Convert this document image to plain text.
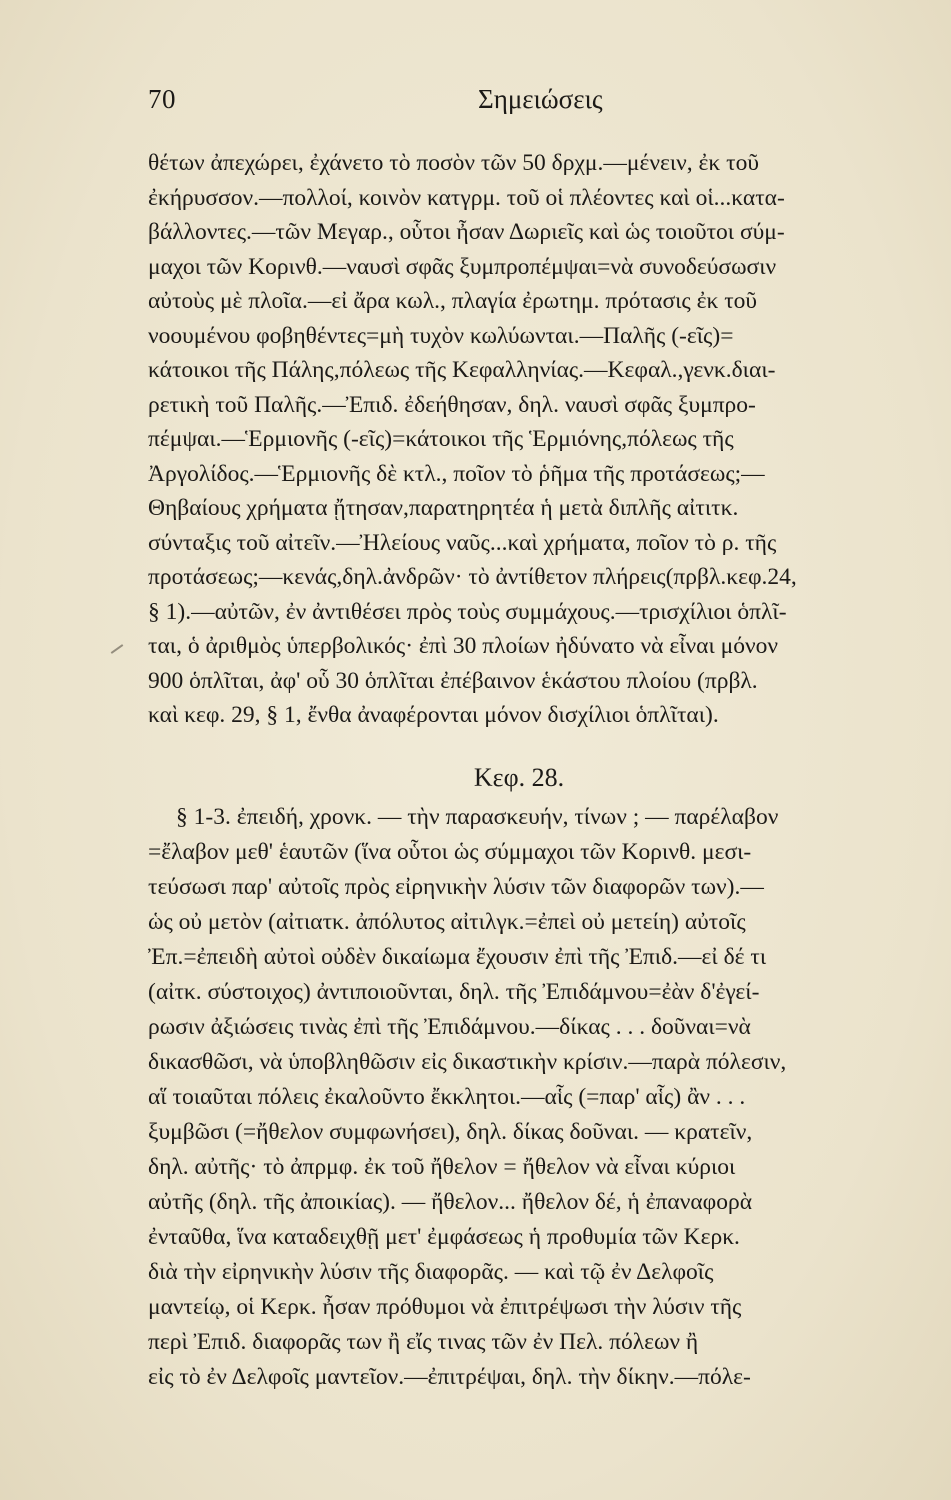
70	Σημειώσεις
θέτων ἀπεχώρει, ἐχάνετο τὸ ποσὸν τῶν 50 δρχμ.—μένειν, ἐκ τοῦ
ἐκήρυσσον.—πολλοί, κοινὸν κατγρμ. τοῦ οἱ πλέοντες καὶ οἱ...κατα-
βάλλοντες.—τῶν Μεγαρ., οὗτοι ἦσαν Δωριεῖς καὶ ὡς τοιοῦτοι σύμ-
μαχοι τῶν Κορινθ.—ναυσὶ σφᾶς ξυμπροπέμψαι=νὰ συνοδεύσωσιν
αὐτοὺς μὲ πλοῖα.—εἰ ἄρα κωλ., πλαγία ἐρωτημ. πρότασις ἐκ τοῦ
νοουμένου φοβηθέντες=μὴ τυχὸν κωλύωνται.—Παλῆς (-εῖς)=
κάτοικοι τῆς Πάλης,πόλεως τῆς Κεφαλληνίας.—Κεφαλ.,γενκ.διαι-
ρετικὴ τοῦ Παλῆς.—Ἐπιδ. ἐδεήθησαν, δηλ. ναυσὶ σφᾶς ξυμπρο-
πέμψαι.—Ἑρμιονῆς (-εῖς)=κάτοικοι τῆς Ἑρμιόνης,πόλεως τῆς
Ἀργολίδος.—Ἑρμιονῆς δὲ κτλ., ποῖον τὸ ῥῆμα τῆς προτάσεως;—
Θηβαίους χρήματα ᾔτησαν,παρατηρητέα ἡ μετὰ διπλῆς αἰτιτκ.
σύνταξις τοῦ αἰτεῖν.—Ἠλείους ναῦς...καὶ χρήματα, ποῖον τὸ ρ. τῆς
προτάσεως;—κενάς,δηλ.ἀνδρῶν· τὸ ἀντίθετον πλήρεις(πρβλ.κεφ.24,
§ 1).—αὐτῶν, ἐν ἀντιθέσει πρὸς τοὺς συμμάχους.—τρισχίλιοι ὁπλῖ-
ται, ὁ ἀριθμὸς ὑπερβολικός· ἐπὶ 30 πλοίων ἠδύνατο νὰ εἶναι μόνον
900 ὁπλῖται, ἀφ' οὗ 30 ὁπλῖται ἐπέβαινον ἑκάστου πλοίου (πρβλ.
καὶ κεφ. 29, § 1, ἔνθα ἀναφέρονται μόνον δισχίλιοι ὁπλῖται).
Κεφ. 28.
§ 1-3. ἐπειδή, χρονκ. — τὴν παρασκευήν, τίνων ; — παρέλαβον
=ἔλαβον μεθ' ἑαυτῶν (ἵνα οὗτοι ὡς σύμμαχοι τῶν Κορινθ. μεσι-
τεύσωσι παρ' αὐτοῖς πρὸς εἰρηνικὴν λύσιν τῶν διαφορῶν των).—
ὡς οὐ μετὸν (αἰτιατκ. ἀπόλυτος αἰτιλγκ.=ἐπεὶ οὐ μετείη) αὐτοῖς
Ἐπ.=ἐπειδὴ αὐτοὶ οὐδὲν δικαίωμα ἔχουσιν ἐπὶ τῆς Ἐπιδ.—εἰ δέ τι
(αἰτκ. σύστοιχος) ἀντιποιοῦνται, δηλ. τῆς Ἐπιδάμνου=ἐὰν δ'ἐγεί-
ρωσιν ἀξιώσεις τινὰς ἐπὶ τῆς Ἐπιδάμνου.—δίκας . . . δοῦναι=νὰ
δικασθῶσι, νὰ ὑποβληθῶσιν εἰς δικαστικὴν κρίσιν.—παρὰ πόλεσιν,
αἵ τοιαῦται πόλεις ἐκαλοῦντο ἔκκλητοι.—αἷς (=παρ' αἷς) ἂν . . .
ξυμβῶσι (=ἤθελον συμφωνήσει), δηλ. δίκας δοῦναι. — κρατεῖν,
δηλ. αὐτῆς· τὸ ἀπρμφ. ἐκ τοῦ ἤθελον = ἤθελον νὰ εἶναι κύριοι
αὐτῆς (δηλ. τῆς ἀποικίας). — ἤθελον... ἤθελον δέ, ἡ ἐπαναφορὰ
ἐνταῦθα, ἵνα καταδειχθῇ μετ' ἐμφάσεως ἡ προθυμία τῶν Κερκ.
διὰ τὴν εἰρηνικὴν λύσιν τῆς διαφορᾶς. — καὶ τῷ ἐν Δελφοῖς
μαντείῳ, οἱ Κερκ. ἦσαν πρόθυμοι νὰ ἐπιτρέψωσι τὴν λύσιν τῆς
περὶ Ἐπιδ. διαφορᾶς των ἢ εἴς τινας τῶν ἐν Πελ. πόλεων ἢ
εἰς τὸ ἐν Δελφοῖς μαντεῖον.—ἐπιτρέψαι, δηλ. τὴν δίκην.—πόλε-
